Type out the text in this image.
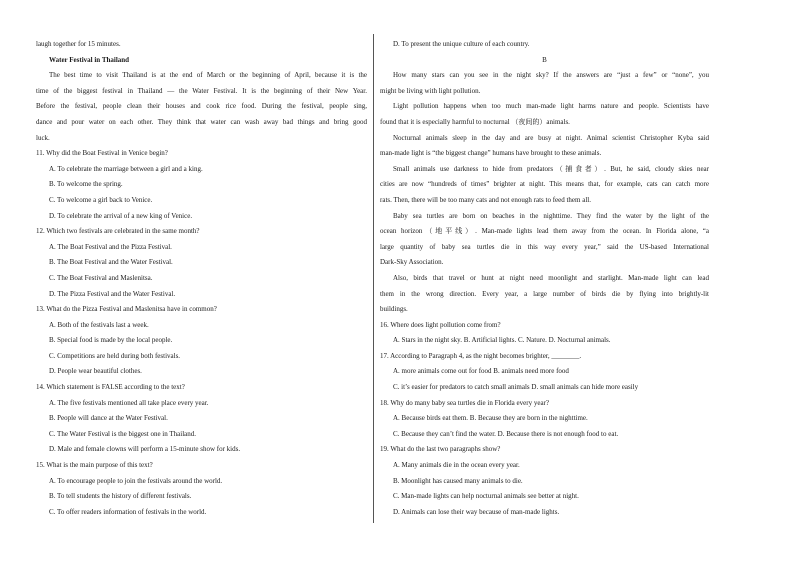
laugh together for 15 minutes.
Water Festival in Thailand
The best time to visit Thailand is at the end of March or the beginning of April, because it is the
time of the biggest festival in Thailand — the Water Festival. It is the beginning of their New Year.
Before the festival, people clean their houses and cook rice food. During the festival, people sing,
dance and pour water on each other. They think that water can wash away bad things and bring good
luck.
11. Why did the Boat Festival in Venice begin?
A. To celebrate the marriage between a girl and a king.
B. To welcome the spring.
C. To welcome a girl back to Venice.
D. To celebrate the arrival of a new king of Venice.
12. Which two festivals are celebrated in the same month?
A. The Boat Festival and the Pizza Festival.
B. The Boat Festival and the Water Festival.
C. The Boat Festival and Maslenitsa.
D. The Pizza Festival and the Water Festival.
13. What do the Pizza Festival and Maslenitsa have in common?
A. Both of the festivals last a week.
B. Special food is made by the local people.
C. Competitions are held during both festivals.
D. People wear beautiful clothes.
14. Which statement is FALSE according to the text?
A. The five festivals mentioned all take place every year.
B. People will dance at the Water Festival.
C. The Water Festival is the biggest one in Thailand.
D. Male and female clowns will perform a 15-minute show for kids.
15. What is the main purpose of this text?
A. To encourage people to join the festivals around the world.
B. To tell students the history of different festivals.
C. To offer readers information of festivals in the world.
D. To present the unique culture of each country.
B
How many stars can you see in the night sky? If the answers are “just a few” or “none”, you
might be living with light pollution.
Light pollution happens when too much man-made light harms nature and people. Scientists have
found that it is especially harmful to nocturnal （夜间的）animals.
Nocturnal animals sleep in the day and are busy at night. Animal scientist Christopher Kyba said
man-made light is “the biggest change” humans have brought to these animals.
Small animals use darkness to hide from predators（捕食者）. But, he said, cloudy skies near
cities are now “hundreds of times” brighter at night. This means that, for example, cats can catch more
rats. Then, there will be too many cats and not enough rats to feed them all.
Baby sea turtles are born on beaches in the nighttime. They find the water by the light of the
ocean horizon（地平线）. Man-made lights lead them away from the ocean. In Florida alone, “a
large quantity of baby sea turtles die in this way every year,” said the US-based International
Dark-Sky Association.
Also, birds that travel or hunt at night need moonlight and starlight. Man-made light can lead
them in the wrong direction. Every year, a large number of birds die by flying into brightly-lit
buildings.
16. Where does light pollution come from?
A. Stars in the night sky. B. Artificial lights. C. Nature. D. Nocturnal animals.
17. According to Paragraph 4, as the night becomes brighter, ________.
A. more animals come out for food B. animals need more food
C. it’s easier for predators to catch small animals D. small animals can hide more easily
18. Why do many baby sea turtles die in Florida every year?
A. Because birds eat them. B. Because they are born in the nighttime.
C. Because they can’t find the water. D. Because there is not enough food to eat.
19. What do the last two paragraphs show?
A. Many animals die in the ocean every year.
B. Moonlight has caused many animals to die.
C. Man-made lights can help nocturnal animals see better at night.
D. Animals can lose their way because of man-made lights.
